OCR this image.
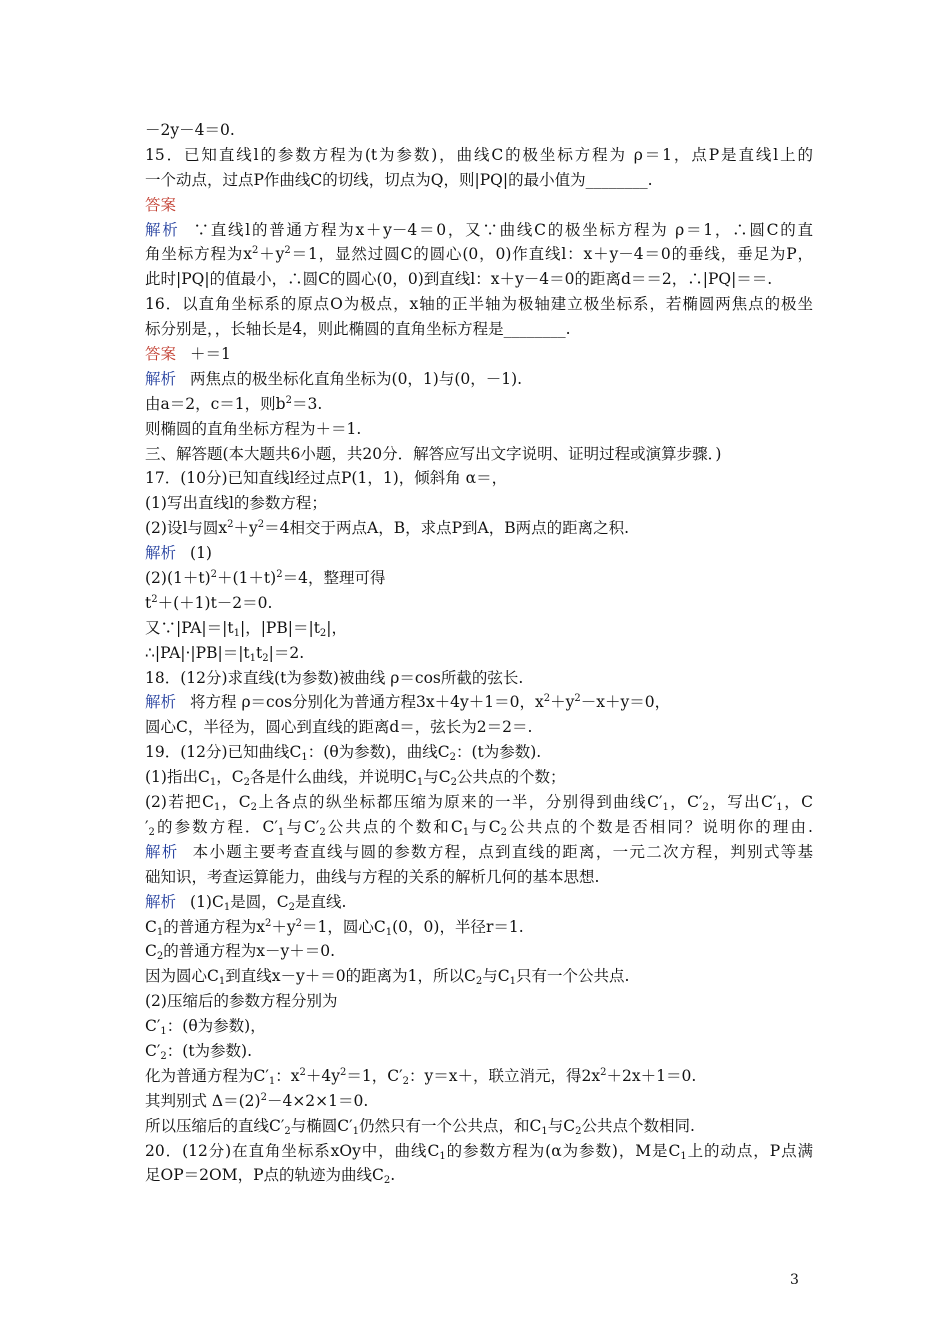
－2y－4＝0.
15．已知直线l的参数方程为(t为参数)，曲线C的极坐标方程为 ρ＝1，点P是直线l上的
一个动点，过点P作曲线C的切线，切点为Q，则|PQ|的最小值为________.
答案
解析 ∵直线l的普通方程为x＋y－4＝0，又∵曲线C的极坐标方程为 ρ＝1，∴圆C的直
角坐标方程为$x^2+y^2=1$，显然过圆C的圆心(0，0)作直线l：x＋y－4＝0的垂线，垂足为P，
此时|PQ|的值最小，∴圆C的圆心(0，0)到直线l：x＋y－4＝0的距离d＝＝2，∴|PQ|＝＝.
16．以直角坐标系的原点O为极点，x轴的正半轴为极轴建立极坐标系，若椭圆两焦点的极坐
标分别是，，长轴长是4，则此椭圆的直角坐标方程是________.
答案 ＋＝1
解析 两焦点的极坐标化直角坐标为(0，1)与(0，－1).
由a＝2，c＝1，则$b^2=3$.
则椭圆的直角坐标方程为＋＝1.
三、解答题(本大题共6小题，共20分．解答应写出文字说明、证明过程或演算步骤．)
17．(10分)已知直线l经过点P(1，1)，倾斜角 α＝，
(1)写出直线l的参数方程；
(2)设l与圆$x^2+y^2=4$相交于两点A，B，求点P到A，B两点的距离之积.
解析 (1)
$(2)(1+t)^2+(1+t)^2=4$，整理可得
$t^2+(+1)t-2=0$.
又$\because|PA|=|t_1|$，$|PB|=|t_2|$，
$\therefore|PA|\cdot|PB|=|t_1t_2|=2$.
18．(12分)求直线(t为参数)被曲线 ρ＝cos所截的弦长.
解析 将方程 ρ＝cos分别化为普通方程3x＋4y＋1＝0，$x^2+y^2-x+y=0$，
圆心C，半径为，圆心到直线的距离d＝，弦长为2＝2＝.
19．(12分)已知曲线$C_1$：(θ为参数)，曲线$C_2$：(t为参数).
(1)指出$C_1$，$C_2$各是什么曲线，并说明$C_1$与$C_2$公共点的个数；
(2)若把$C_1$，$C_2$上各点的纵坐标都压缩为原来的一半，分别得到曲线$C'_1$，$C'_2$，写出$C'_1$，C
$'_2$的参数方程．$C'_1$与$C'_2$公共点的个数和$C_1$与$C_2$公共点的个数是否相同？说明你的理由.
解析 本小题主要考查直线与圆的参数方程，点到直线的距离，一元二次方程，判别式等基
础知识，考查运算能力，曲线与方程的关系的解析几何的基本思想.
解析 $(1)C_1$是圆，$C_2$是直线.
$C_1$的普通方程为$x^2+y^2=1$，圆心$C_1(0$，0)，半径r＝1.
$C_2$的普通方程为x－y＋＝0.
因为圆心$C_1$到直线x－y＋＝0的距离为1，所以$C_2$与$C_1$只有一个公共点.
(2)压缩后的参数方程分别为
$C'_1$：(θ为参数)，
$C'_2$：(t为参数).
化为普通方程为$C'_1$：$x^2+4y^2=1$，$C'_2$：y＝x＋，联立消元，得$2x^2+2x+1=0$.
其判别式 $\Delta=(2)^2-4\times 2\times 1=0$.
所以压缩后的直线$C'_2$与椭圆$C'_1$仍然只有一个公共点，和$C_1$与$C_2$公共点个数相同.
20．(12分)在直角坐标系xOy中，曲线$C_1$的参数方程为(α为参数)，M是$C_1$上的动点，P点满
足OP＝2OM，P点的轨迹为曲线$C_2$.
3
